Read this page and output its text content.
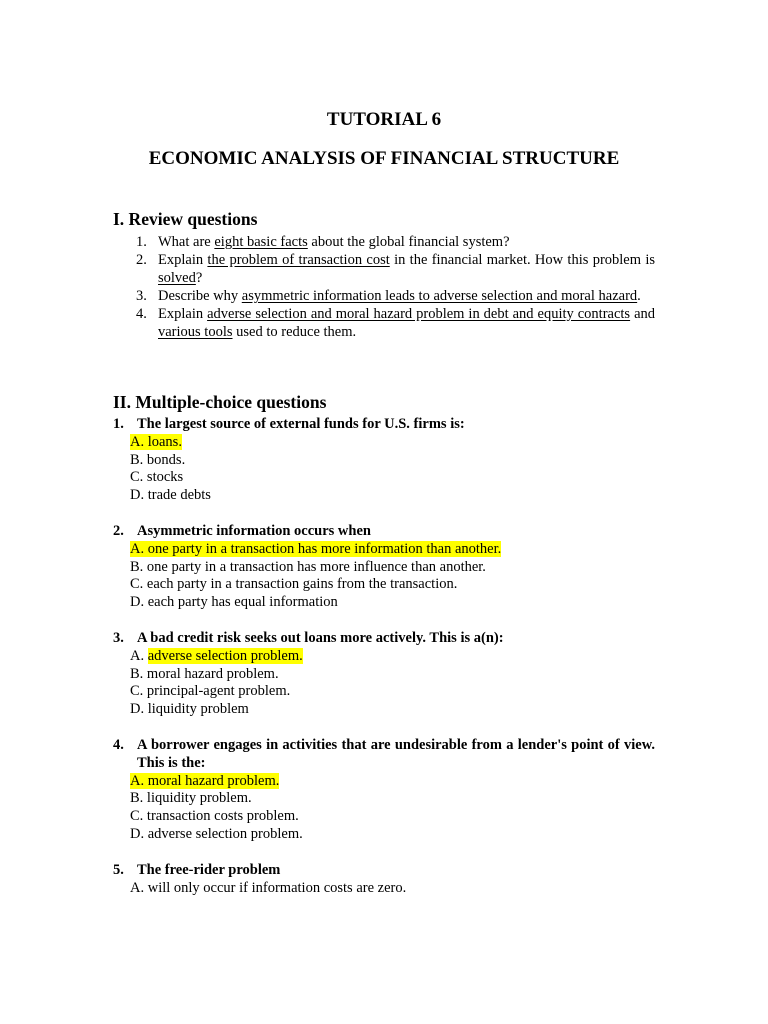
TUTORIAL 6
ECONOMIC ANALYSIS OF FINANCIAL STRUCTURE
I. Review questions
1. What are eight basic facts about the global financial system?
2. Explain the problem of transaction cost in the financial market. How this problem is solved?
3. Describe why asymmetric information leads to adverse selection and moral hazard.
4. Explain adverse selection and moral hazard problem in debt and equity contracts and various tools used to reduce them.
II. Multiple-choice questions
1. The largest source of external funds for U.S. firms is:
A. loans.
B. bonds.
C. stocks
D. trade debts
2. Asymmetric information occurs when
A. one party in a transaction has more information than another.
B. one party in a transaction has more influence than another.
C. each party in a transaction gains from the transaction.
D. each party has equal information
3. A bad credit risk seeks out loans more actively. This is a(n):
A. adverse selection problem.
B. moral hazard problem.
C. principal-agent problem.
D. liquidity problem
4. A borrower engages in activities that are undesirable from a lender's point of view. This is the:
A. moral hazard problem.
B. liquidity problem.
C. transaction costs problem.
D. adverse selection problem.
5. The free-rider problem
A. will only occur if information costs are zero.
